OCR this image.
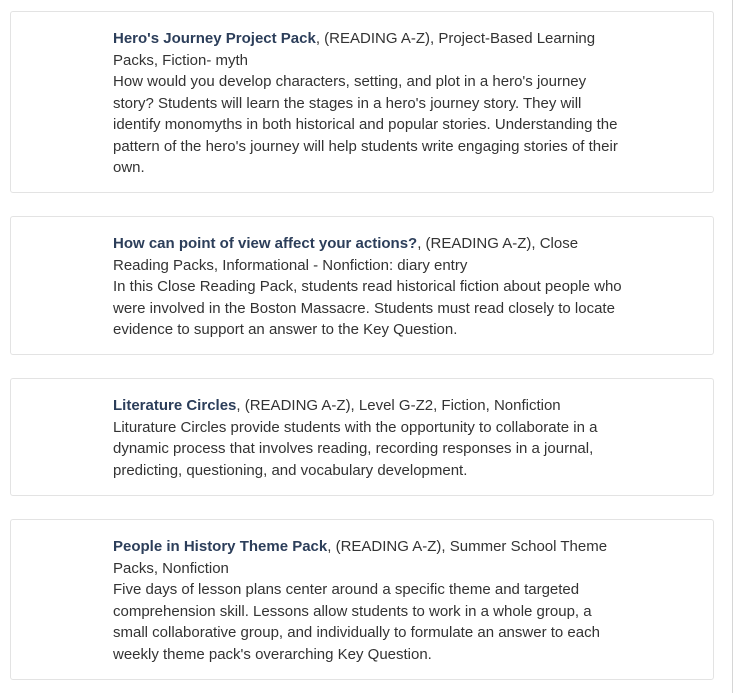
Hero's Journey Project Pack, (READING A-Z), Project-Based Learning Packs, Fiction- myth

How would you develop characters, setting, and plot in a hero's journey story? Students will learn the stages in a hero's journey story. They will identify monomyths in both historical and popular stories. Understanding the pattern of the hero's journey will help students write engaging stories of their own.

How can point of view affect your actions?, (READING A-Z), Close Reading Packs, Informational - Nonfiction: diary entry

In this Close Reading Pack, students read historical fiction about people who were involved in the Boston Massacre. Students must read closely to locate evidence to support an answer to the Key Question.

Literature Circles, (READING A-Z), Level G-Z2, Fiction, Nonfiction

Liturature Circles provide students with the opportunity to collaborate in a dynamic process that involves reading, recording responses in a journal, predicting, questioning, and vocabulary development.

People in History Theme Pack, (READING A-Z), Summer School Theme Packs, Nonfiction

Five days of lesson plans center around a specific theme and targeted comprehension skill. Lessons allow students to work in a whole group, a small collaborative group, and individually to formulate an answer to each weekly theme pack's overarching Key Question.
